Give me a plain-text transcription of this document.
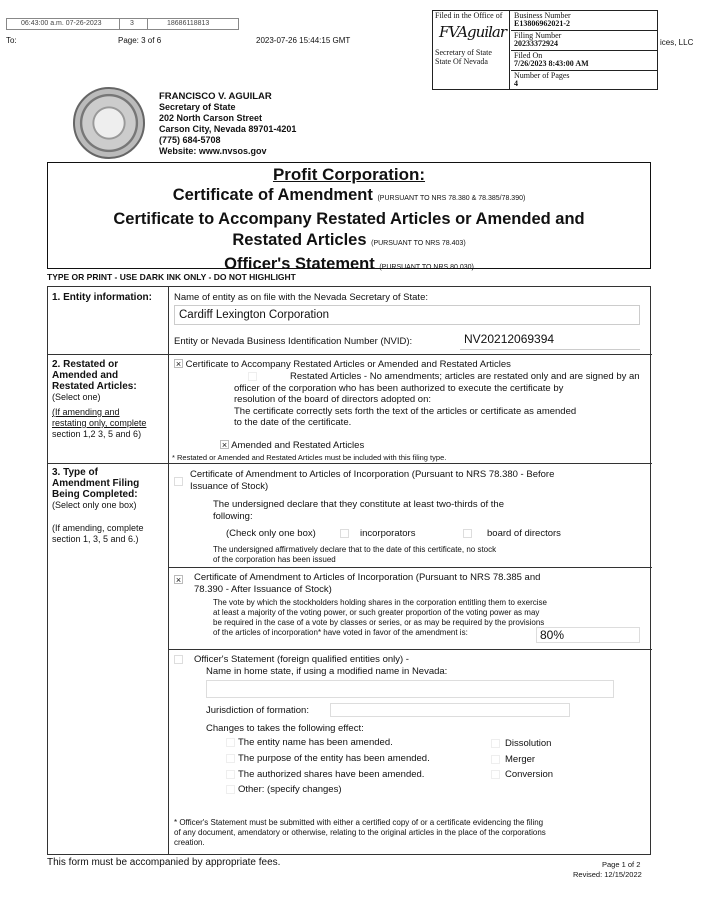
06:43:00 a.m. 07-26-2023	3	18686118813
To:	Page: 3 of 6	2023-07-26 15:44:15 GMT	ices, LLC
Filed in the Office of
FVAguilar
Secretary of State
State Of Nevada
Business Number
E13806962021-2
Filing Number
20233372924
Filed On
7/26/2023 8:43:00 AM
Number of Pages
4
FRANCISCO V. AGUILAR
Secretary of State
202 North Carson Street
Carson City, Nevada 89701-4201
(775) 684-5708
Website: www.nvsos.gov
Profit Corporation:
Certificate of Amendment (PURSUANT TO NRS 78.380 & 78.385/78.390)
Certificate to Accompany Restated Articles or Amended and
Restated Articles (PURSUANT TO NRS 78.403)
Officer's Statement (PURSUANT TO NRS 80.030)
TYPE OR PRINT - USE DARK INK ONLY - DO NOT HIGHLIGHT
1. Entity information: Name of entity as on file with the Nevada Secretary of State:
Cardiff Lexington Corporation
Entity or Nevada Business Identification Number (NVID):	NV20212069394
2. Restated or
Amended and
Restated Articles:
(Select one)

(If amending and
restating only, complete
section 1,2 3, 5 and 6)
× Certificate to Accompany Restated Articles or Amended and Restated Articles
Restated Articles - No amendments; articles are restated only and are signed by an
officer of the corporation who has been authorized to execute the certificate by
resolution of the board of directors adopted on:
The certificate correctly sets forth the text of the articles or certificate as amended
to the date of the certificate.
× Amended and Restated Articles
* Restated or Amended and Restated Articles must be included with this filing type.
3. Type of
Amendment Filing
Being Completed:
(Select only one box)

(If amending, complete
section 1, 3, 5 and 6.)
Certificate of Amendment to Articles of Incorporation (Pursuant to NRS 78.380 - Before
Issuance of Stock)
The undersigned declare that they constitute at least two-thirds of the
following:
(Check only one box)	incorporators	board of directors
The undersigned affirmatively declare that to the date of this certificate, no stock
of the corporation has been issued
× Certificate of Amendment to Articles of Incorporation (Pursuant to NRS 78.385 and
78.390 - After Issuance of Stock)
The vote by which the stockholders holding shares in the corporation entitling them to exercise
at least a majority of the voting power, or such greater proportion of the voting power as may
be required in the case of a vote by classes or series, or as may be required by the provisions
of the articles of incorporation* have voted in favor of the amendment is:	80%
Officer's Statement (foreign qualified entities only) -
Name in home state, if using a modified name in Nevada:
Jurisdiction of formation:
Changes to takes the following effect:
The entity name has been amended.
The purpose of the entity has been amended.
The authorized shares have been amended.
Other: (specify changes)
Dissolution
Merger
Conversion
* Officer's Statement must be submitted with either a certified copy of or a certificate evidencing the filing
of any document, amendatory or otherwise, relating to the original articles in the place of the corporations
creation.
This form must be accompanied by appropriate fees.	Page 1 of 2
Revised: 12/15/2022
